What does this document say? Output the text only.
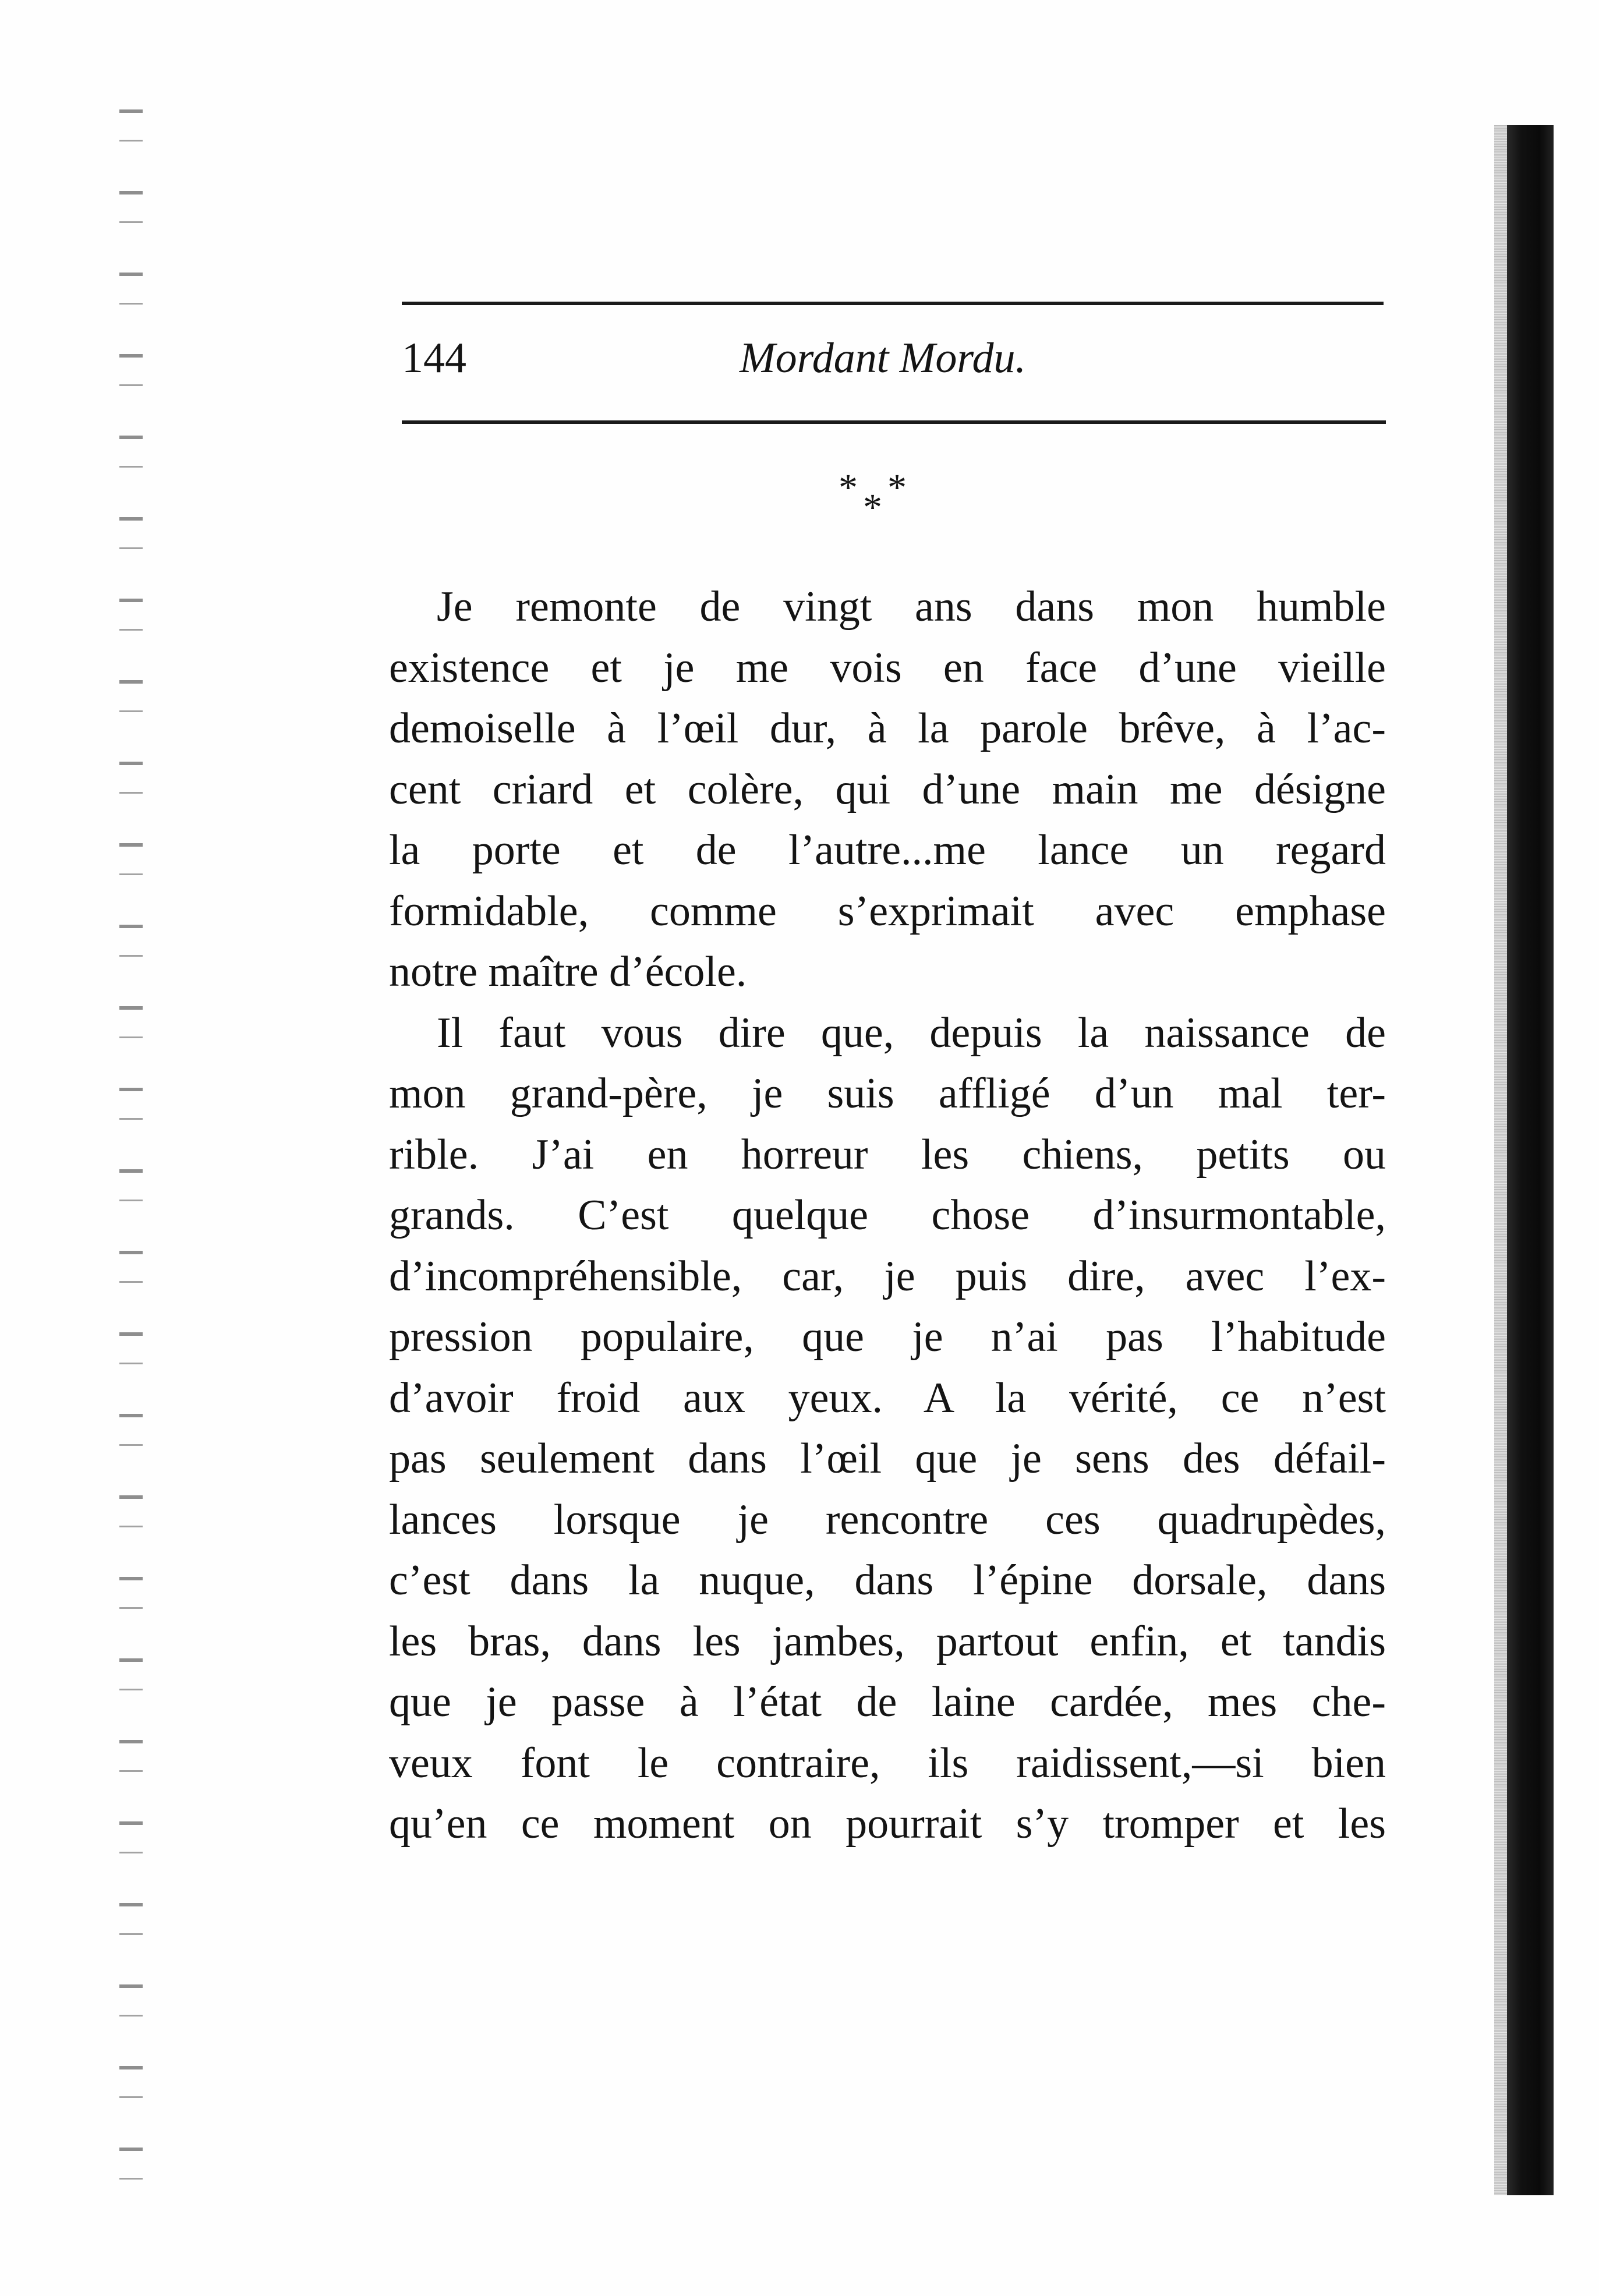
144	Mordant Mordu.
* * *
Je remonte de vingt ans dans mon humble
existence et je me vois en face d’une vieille
demoiselle à l’œil dur, à la parole brêve, à l’ac-
cent criard et colère, qui d’une main me désigne
la porte et de l’autre...me lance un regard
formidable, comme s’exprimait avec emphase
notre maître d’école.
Il faut vous dire que, depuis la naissance de
mon grand-père, je suis affligé d’un mal ter-
rible. J’ai en horreur les chiens, petits ou
grands. C’est quelque chose d’insurmontable,
d’incompréhensible, car, je puis dire, avec l’ex-
pression populaire, que je n’ai pas l’habitude
d’avoir froid aux yeux. A la vérité, ce n’est
pas seulement dans l’œil que je sens des défail-
lances lorsque je rencontre ces quadrupèdes,
c’est dans la nuque, dans l’épine dorsale, dans
les bras, dans les jambes, partout enfin, et tandis
que je passe à l’état de laine cardée, mes che-
veux font le contraire, ils raidissent,—si bien
qu’en ce moment on pourrait s’y tromper et les
